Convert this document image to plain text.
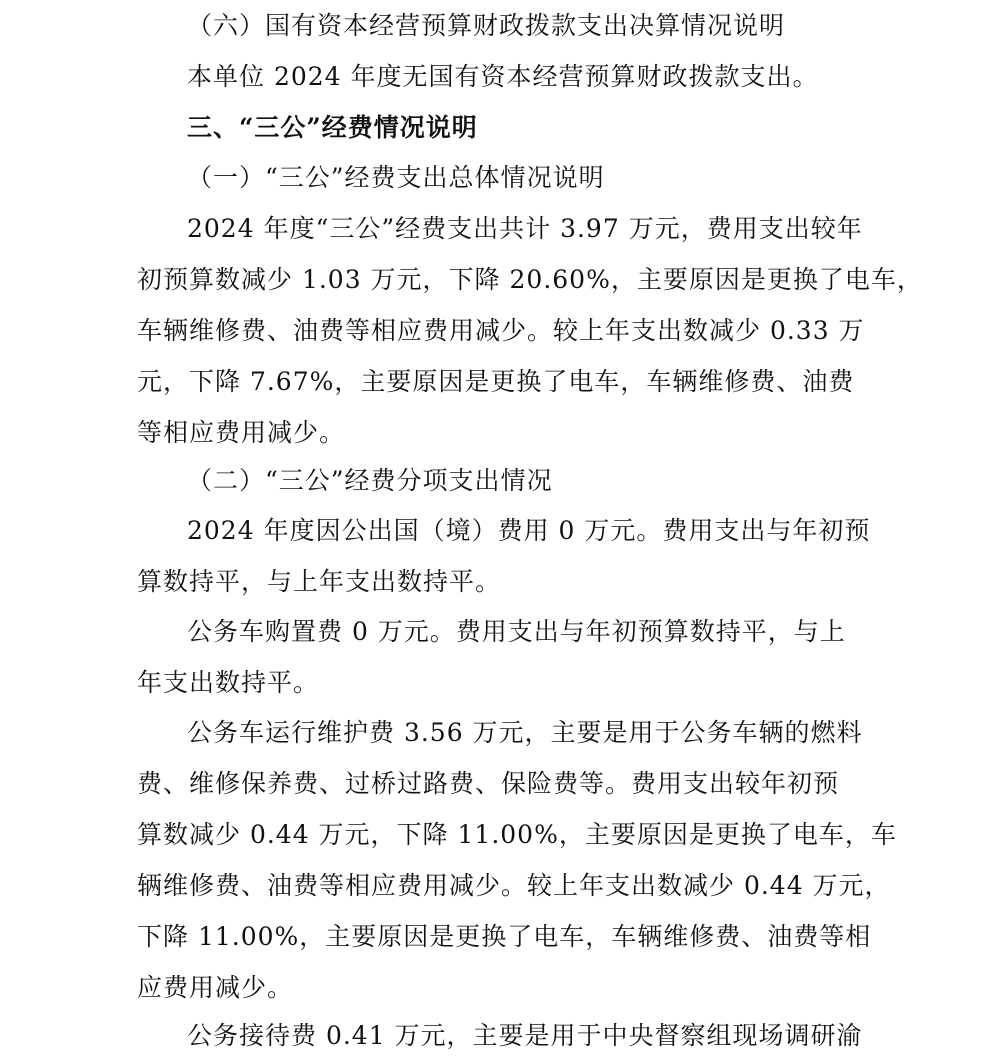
（六）国有资本经营预算财政拨款支出决算情况说明

本单位 2024 年度无国有资本经营预算财政拨款支出。

三、“三公”经费情况说明

（一）“三公”经费支出总体情况说明

2024 年度“三公”经费支出共计 3.97 万元，费用支出较年
初预算数减少 1.03 万元，下降 20.60%，主要原因是更换了电车，
车辆维修费、油费等相应费用减少。较上年支出数减少 0.33 万
元，下降 7.67%，主要原因是更换了电车，车辆维修费、油费
等相应费用减少。

（二）“三公”经费分项支出情况

2024 年度因公出国（境）费用 0 万元。费用支出与年初预
算数持平，与上年支出数持平。
公务车购置费 0 万元。费用支出与年初预算数持平，与上
年支出数持平。
公务车运行维护费 3.56 万元，主要是用于公务车辆的燃料
费、维修保养费、过桥过路费、保险费等。费用支出较年初预
算数减少 0.44 万元，下降 11.00%，主要原因是更换了电车，车
辆维修费、油费等相应费用减少。较上年支出数减少 0.44 万元，
下降 11.00%，主要原因是更换了电车，车辆维修费、油费等相
应费用减少。
公务接待费 0.41 万元，主要是用于中央督察组现场调研渝
